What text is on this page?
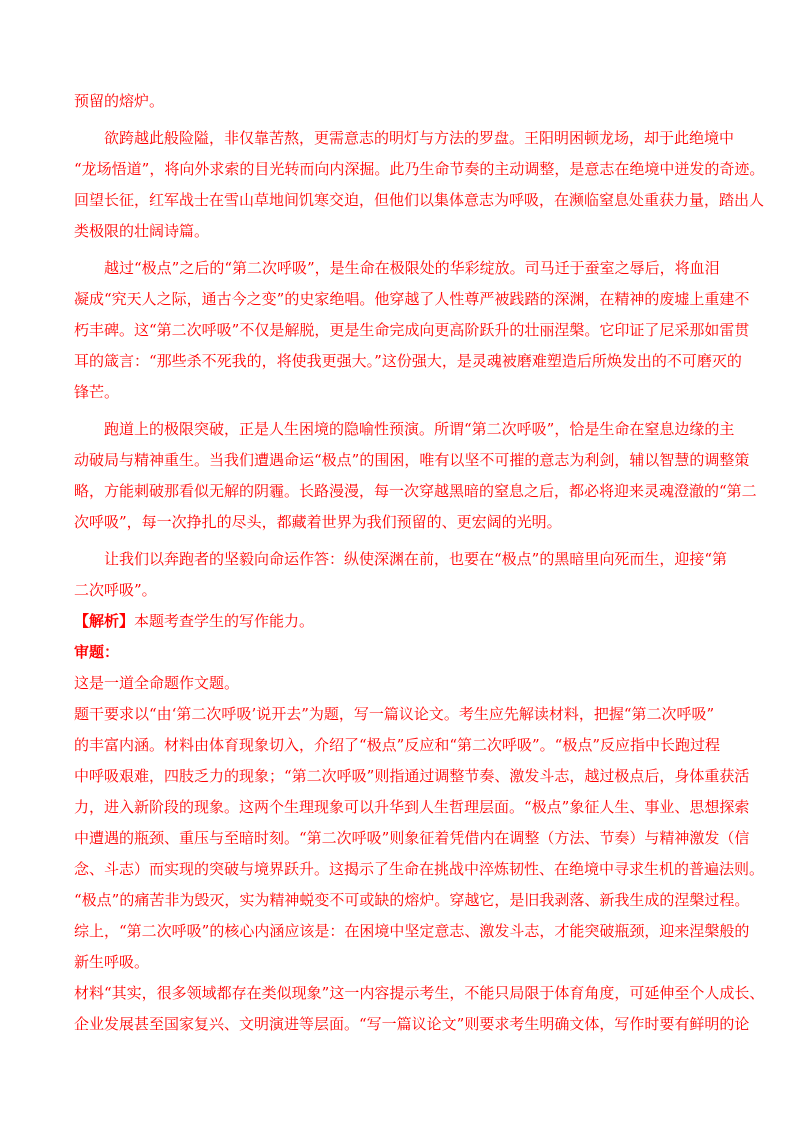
预留的熔炉。
欲跨越此般险隘，非仅靠苦熬，更需意志的明灯与方法的罗盘。王阳明困顿龙场，却于此绝境中
“龙场悟道”，将向外求索的目光转而向内深掘。此乃生命节奏的主动调整，是意志在绝境中迸发的奇迹。
回望长征，红军战士在雪山草地间饥寒交迫，但他们以集体意志为呼吸，在濒临窒息处重获力量，踏出人
类极限的壮阔诗篇。
越过“极点”之后的“第二次呼吸”，是生命在极限处的华彩绽放。司马迁于蚕室之辱后，将血泪
凝成“究天人之际，通古今之变”的史家绝唱。他穿越了人性尊严被践踏的深渊，在精神的废墟上重建不
朽丰碑。这“第二次呼吸”不仅是解脱，更是生命完成向更高阶跃升的壮丽涅槃。它印证了尼采那如雷贯
耳的箴言：“那些杀不死我的，将使我更强大。”这份强大，是灵魂被磨难塑造后所焕发出的不可磨灭的
锋芒。
跑道上的极限突破，正是人生困境的隐喻性预演。所谓“第二次呼吸”，恰是生命在窒息边缘的主
动破局与精神重生。当我们遭遇命运“极点”的围困，唯有以坚不可摧的意志为利剑，辅以智慧的调整策
略，方能刺破那看似无解的阴霾。长路漫漫，每一次穿越黑暗的窒息之后，都必将迎来灵魂澄澈的“第二
次呼吸”，每一次挣扎的尽头，都藏着世界为我们预留的、更宏阔的光明。
让我们以奔跑者的坚毅向命运作答：纵使深渊在前，也要在“极点”的黑暗里向死而生，迎接“第
二次呼吸”。
【解析】本题考查学生的写作能力。
审题：
这是一道全命题作文题。
题干要求以“由‘第二次呼吸’说开去”为题，写一篇议论文。考生应先解读材料，把握“第二次呼吸”
的丰富内涵。材料由体育现象切入，介绍了“极点”反应和“第二次呼吸”。“极点”反应指中长跑过程
中呼吸艰难，四肢乏力的现象；“第二次呼吸”则指通过调整节奏、激发斗志，越过极点后，身体重获活
力，进入新阶段的现象。这两个生理现象可以升华到人生哲理层面。“极点”象征人生、事业、思想探索
中遭遇的瓶颈、重压与至暗时刻。“第二次呼吸”则象征着凭借内在调整（方法、节奏）与精神激发（信
念、斗志）而实现的突破与境界跃升。这揭示了生命在挑战中淬炼韧性、在绝境中寻求生机的普遍法则。
“极点”的痛苦非为毁灭，实为精神蜕变不可或缺的熔炉。穿越它，是旧我剥落、新我生成的涅槃过程。
综上，“第二次呼吸”的核心内涵应该是：在困境中坚定意志、激发斗志，才能突破瓶颈，迎来涅槃般的
新生呼吸。
材料“其实，很多领域都存在类似现象”这一内容提示考生，不能只局限于体育角度，可延伸至个人成长、
企业发展甚至国家复兴、文明演进等层面。“写一篇议论文”则要求考生明确文体，写作时要有鲜明的论
